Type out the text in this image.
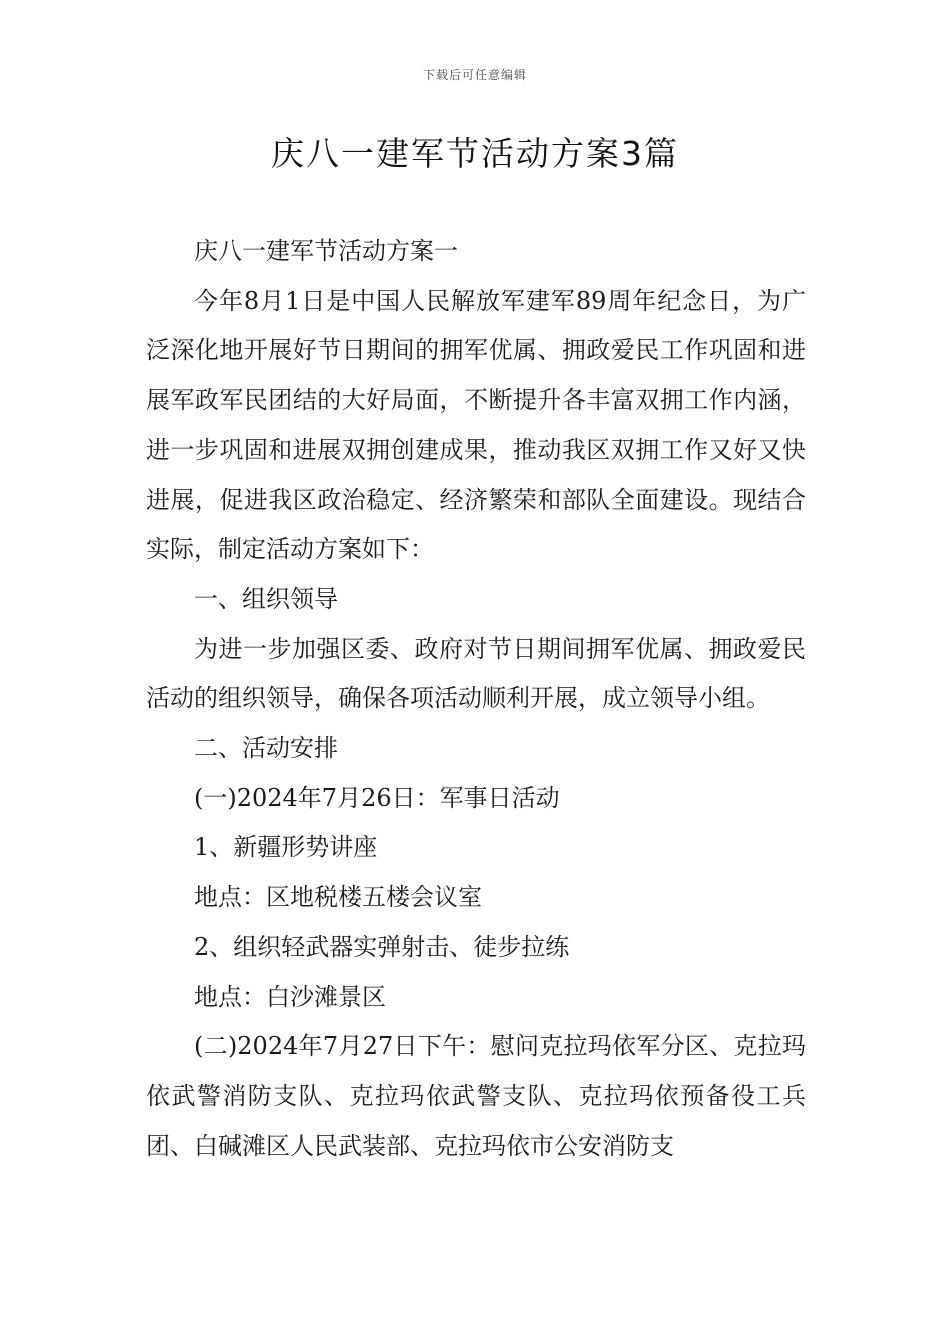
下载后可任意编辑
庆八一建军节活动方案3篇

庆八一建军节活动方案一

今年8月1日是中国人民解放军建军89周年纪念日，为广泛深化地开展好节日期间的拥军优属、拥政爱民工作巩固和进展军政军民团结的大好局面，不断提升各丰富双拥工作内涵，进一步巩固和进展双拥创建成果，推动我区双拥工作又好又快进展，促进我区政治稳定、经济繁荣和部队全面建设。现结合实际，制定活动方案如下：

一、组织领导

为进一步加强区委、政府对节日期间拥军优属、拥政爱民活动的组织领导，确保各项活动顺利开展，成立领导小组。

二、活动安排

(一)2024年7月26日：军事日活动

1、新疆形势讲座

地点：区地税楼五楼会议室

2、组织轻武器实弹射击、徒步拉练

地点：白沙滩景区

(二)2024年7月27日下午：慰问克拉玛依军分区、克拉玛依武警消防支队、克拉玛依武警支队、克拉玛依预备役工兵团、白碱滩区人民武装部、克拉玛依市公安消防支
